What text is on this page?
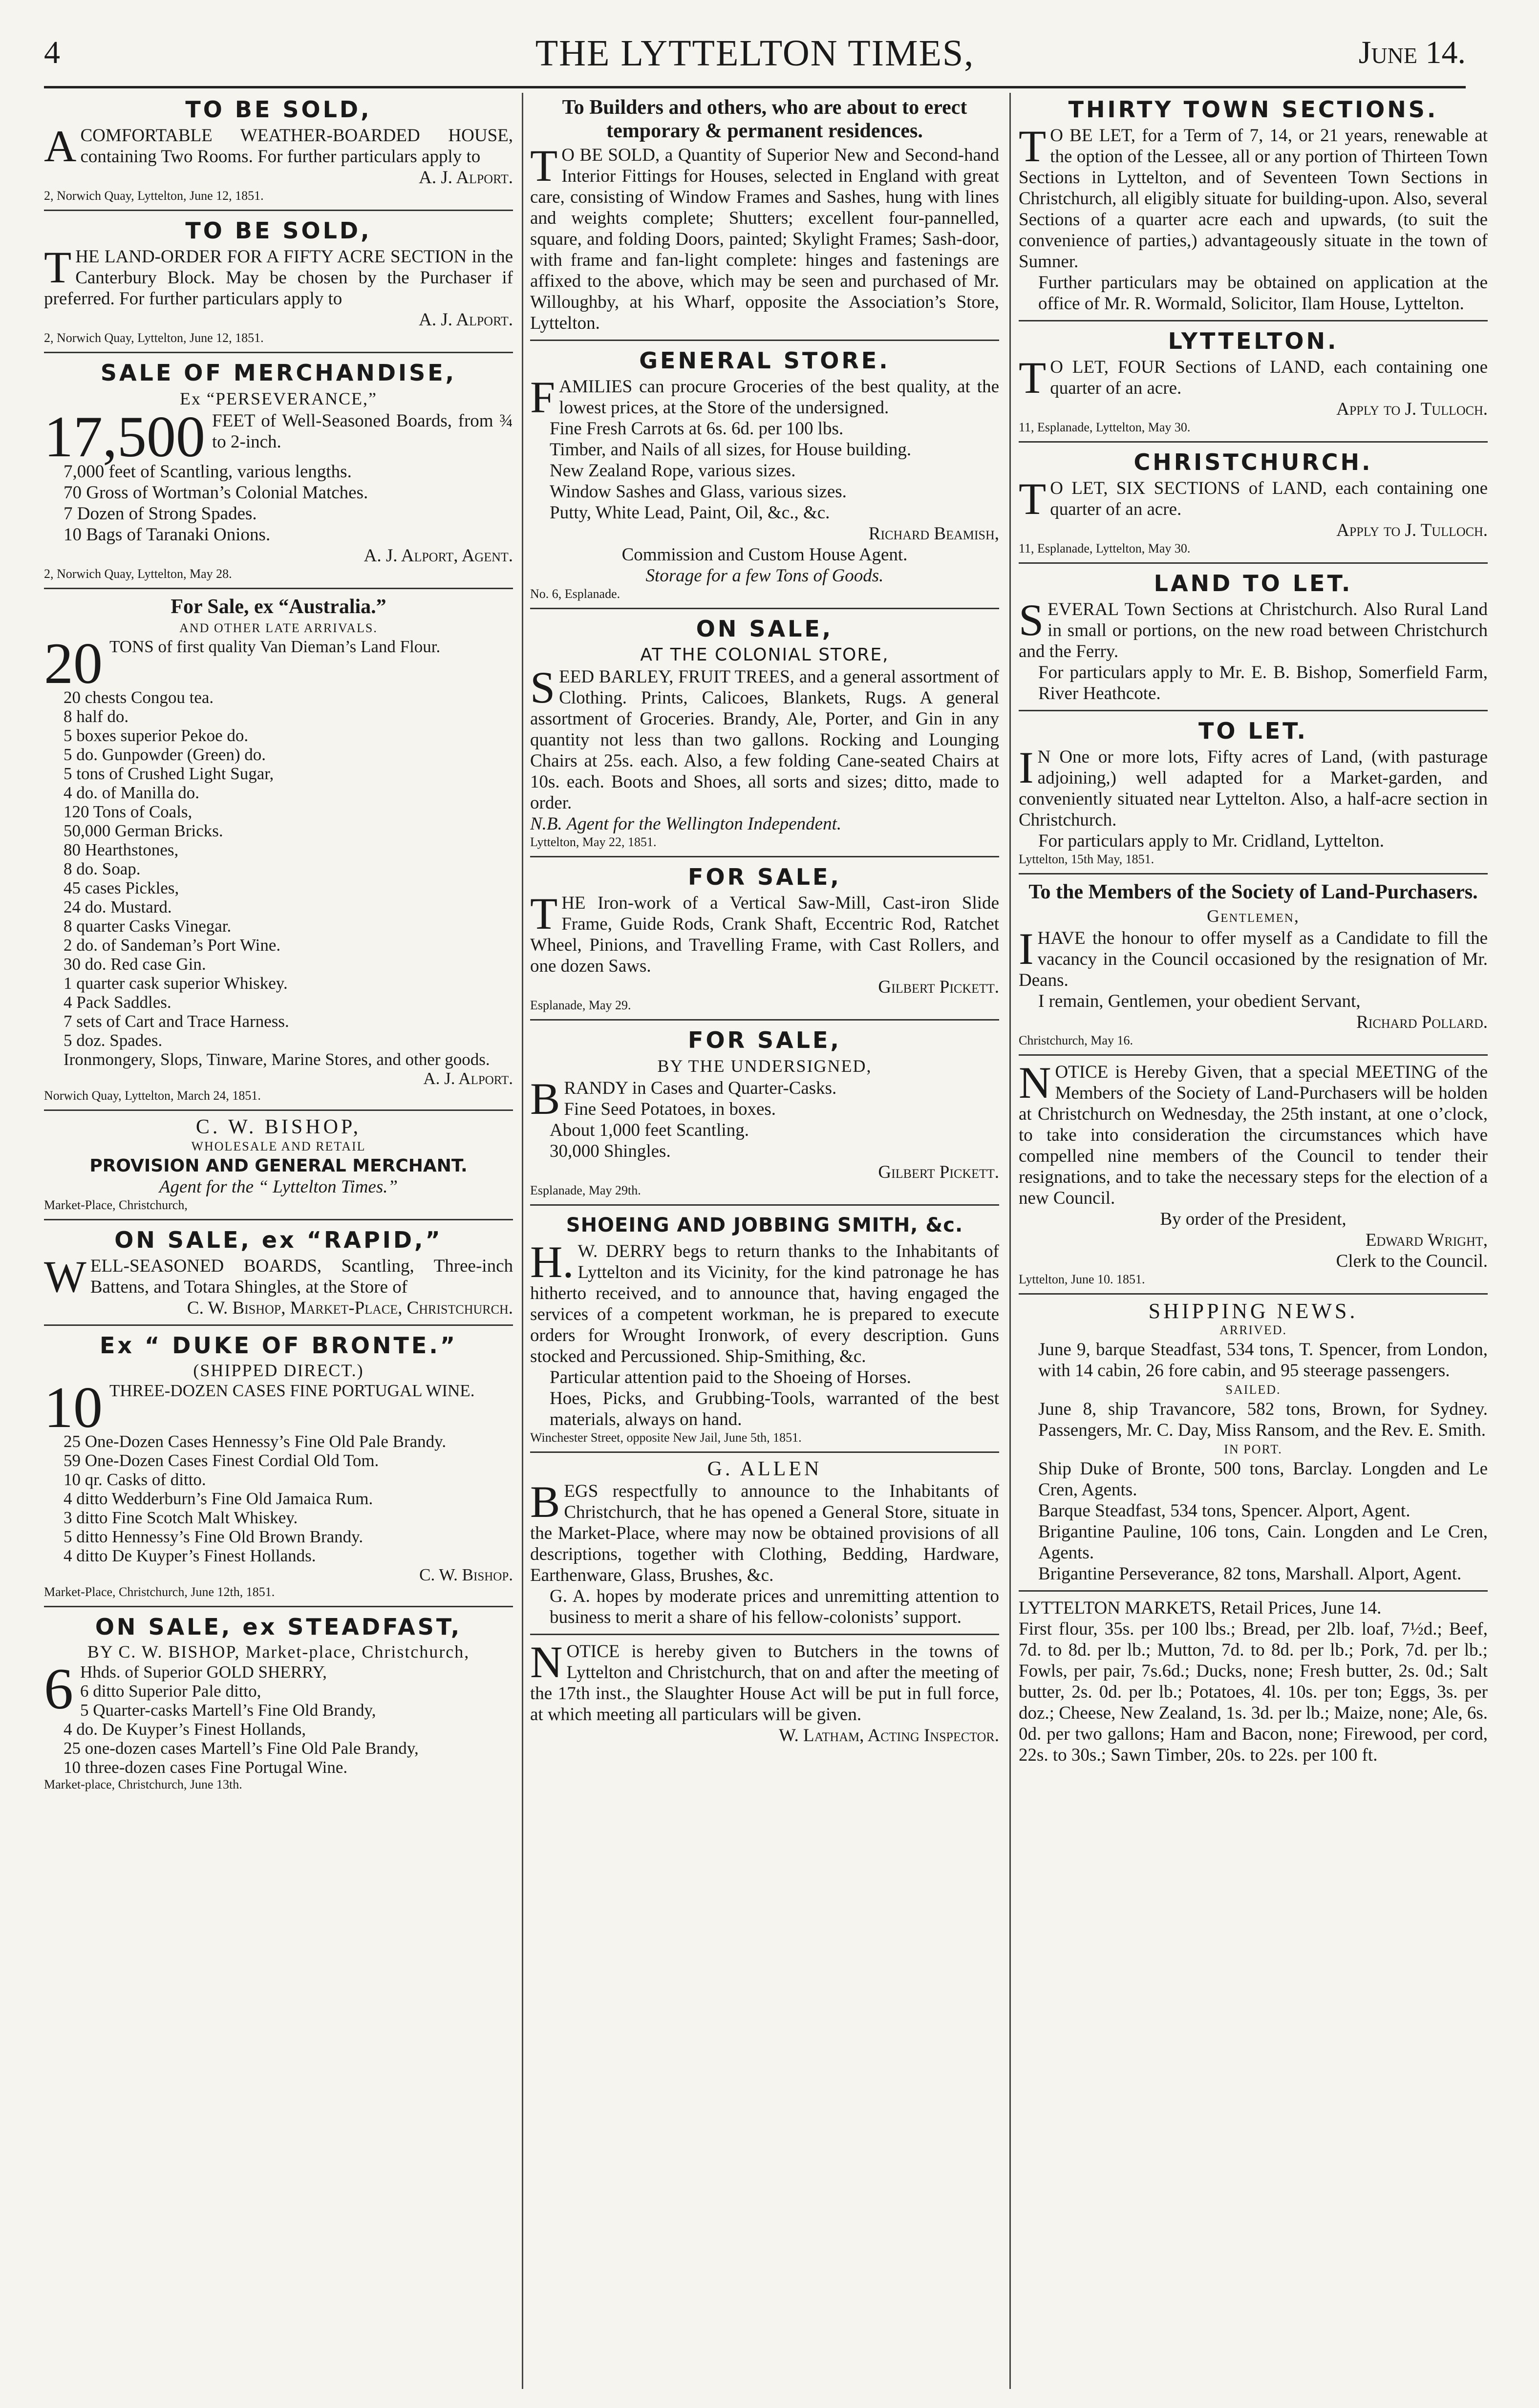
4	THE LYTTELTON TIMES,	June 14.
TO BE SOLD,

ACOMFORTABLE WEATHER-BOARDED HOUSE, containing Two Rooms. For further particulars apply to

A. J. Alport.
2, Norwich Quay, Lyttelton, June 12, 1851.
TO BE SOLD,

THE LAND-ORDER FOR A FIFTY ACRE SECTION in the Canterbury Block. May be chosen by the Purchaser if preferred. For further particulars apply to

A. J. Alport.
2, Norwich Quay, Lyttelton, June 12, 1851.
SALE OF MERCHANDISE,
Ex “PERSEVERANCE,”

17,500 FEET of Well-Seasoned Boards, from ¾ to 2-inch.

7,000 feet of Scantling, various lengths.
70 Gross of Wortman’s Colonial Matches.
7 Dozen of Strong Spades.
10 Bags of Taranaki Onions.
A. J. Alport, Agent.
2, Norwich Quay, Lyttelton, May 28.
For Sale, ex “Australia.”
AND OTHER LATE ARRIVALS.

20 TONS of first quality Van Dieman’s Land Flour.

20 chests Congou tea.
8 half do.
5 boxes superior Pekoe do.
5 do. Gunpowder (Green) do.
5 tons of Crushed Light Sugar,
4 do. of Manilla do.
120 Tons of Coals,
50,000 German Bricks.
80 Hearthstones,
8 do. Soap.
45 cases Pickles,
24 do. Mustard.
8 quarter Casks Vinegar.
2 do. of Sandeman’s Port Wine.
30 do. Red case Gin.
1 quarter cask superior Whiskey.
4 Pack Saddles.
7 sets of Cart and Trace Harness.
5 doz. Spades.
Ironmongery, Slops, Tinware, Marine Stores, and other goods.
A. J. Alport.
Norwich Quay, Lyttelton, March 24, 1851.
C. W. BISHOP,
WHOLESALE AND RETAIL
PROVISION AND GENERAL MERCHANT.
Agent for the “ Lyttelton Times.”
Market-Place, Christchurch,
ON SALE, ex “RAPID,”

WELL-SEASONED BOARDS, Scantling, Three-inch Battens, and Totara Shingles, at the Store of

C. W. Bishop, Market-Place, Christchurch.
Ex “ DUKE OF BRONTE.”
(SHIPPED DIRECT.)

10 THREE-DOZEN CASES FINE PORTUGAL WINE.

25 One-Dozen Cases Hennessy’s Fine Old Pale Brandy.
59 One-Dozen Cases Finest Cordial Old Tom.
10 qr. Casks of ditto.
4 ditto Wedderburn’s Fine Old Jamaica Rum.
3 ditto Fine Scotch Malt Whiskey.
5 ditto Hennessy’s Fine Old Brown Brandy.
4 ditto De Kuyper’s Finest Hollands.
C. W. Bishop.
Market-Place, Christchurch, June 12th, 1851.
ON SALE, ex STEADFAST,
BY C. W. BISHOP, Market-place, Christchurch,

6 Hhds. of Superior GOLD SHERRY,

6 ditto Superior Pale ditto,
5 Quarter-casks Martell’s Fine Old Brandy,
4 do. De Kuyper’s Finest Hollands,
25 one-dozen cases Martell’s Fine Old Pale Brandy,
10 three-dozen cases Fine Portugal Wine.
Market-place, Christchurch, June 13th.
To Builders and others, who are about to erect temporary & permanent residences.

T O BE SOLD, a Quantity of Superior New and Second-hand Interior Fittings for Houses, selected in England with great care, consisting of Window Frames and Sashes, hung with lines and weights complete; Shutters; excellent four-pannelled, square, and folding Doors, painted; Skylight Frames; Sash-door, with frame and fan-light complete: hinges and fastenings are affixed to the above, which may be seen and purchased of Mr. Willoughby, at his Wharf, opposite the Association’s Store, Lyttelton.

GENERAL STORE.

FAMILIES can procure Groceries of the best quality, at the lowest prices, at the Store of the undersigned.

Fine Fresh Carrots at 6s. 6d. per 100 lbs.
Timber, and Nails of all sizes, for House building.
New Zealand Rope, various sizes.
Window Sashes and Glass, various sizes.
Putty, White Lead, Paint, Oil, &c., &c.
Richard Beamish,
Commission and Custom House Agent.
Storage for a few Tons of Goods.
No. 6, Esplanade.
ON SALE,
AT THE COLONIAL STORE,

SEED BARLEY, FRUIT TREES, and a general assortment of Clothing. Prints, Calicoes, Blankets, Rugs. A general assortment of Groceries. Brandy, Ale, Porter, and Gin in any quantity not less than two gallons. Rocking and Lounging Chairs at 25s. each. Also, a few folding Cane-seated Chairs at 10s. each. Boots and Shoes, all sorts and sizes; ditto, made to order.

N.B. Agent for the Wellington Independent.
Lyttelton, May 22, 1851.
FOR SALE,

THE Iron-work of a Vertical Saw-Mill, Cast-iron Slide Frame, Guide Rods, Crank Shaft, Eccentric Rod, Ratchet Wheel, Pinions, and Travelling Frame, with Cast Rollers, and one dozen Saws.

Gilbert Pickett.
Esplanade, May 29.
FOR SALE,
BY THE UNDERSIGNED,

BRANDY in Cases and Quarter-Casks.

Fine Seed Potatoes, in boxes.
About 1,000 feet Scantling.
30,000 Shingles.
Gilbert Pickett.
Esplanade, May 29th.
SHOEING AND JOBBING SMITH, &c.

H. W. DERRY begs to return thanks to the Inhabitants of Lyttelton and its Vicinity, for the kind patronage he has hitherto received, and to announce that, having engaged the services of a competent workman, he is prepared to execute orders for Wrought Ironwork, of every description. Guns stocked and Percussioned. Ship-Smithing, &c.

Particular attention paid to the Shoeing of Horses.

Hoes, Picks, and Grubbing-Tools, warranted of the best materials, always on hand.

Winchester Street, opposite New Jail, June 5th, 1851.
G. ALLEN

BEGS respectfully to announce to the Inhabitants of Christchurch, that he has opened a General Store, situate in the Market-Place, where may now be obtained provisions of all descriptions, together with Clothing, Bedding, Hardware, Earthenware, Glass, Brushes, &c.

G. A. hopes by moderate prices and unremitting attention to business to merit a share of his fellow-colonists’ support.

NOTICE is hereby given to Butchers in the towns of Lyttelton and Christchurch, that on and after the meeting of the 17th inst., the Slaughter House Act will be put in full force, at which meeting all particulars will be given.

W. Latham, Acting Inspector.
THIRTY TOWN SECTIONS.

T O BE LET, for a Term of 7, 14, or 21 years, renewable at the option of the Lessee, all or any portion of Thirteen Town Sections in Lyttelton, and of Seventeen Town Sections in Christchurch, all eligibly situate for building-upon. Also, several Sections of a quarter acre each and upwards, (to suit the convenience of parties,) advantageously situate in the town of Sumner.

Further particulars may be obtained on application at the office of Mr. R. Wormald, Solicitor, Ilam House, Lyttelton.

LYTTELTON.

T O LET, FOUR Sections of LAND, each containing one quarter of an acre.

Apply to J. Tulloch.
11, Esplanade, Lyttelton, May 30.
CHRISTCHURCH.

T O LET, SIX SECTIONS of LAND, each containing one quarter of an acre.

Apply to J. Tulloch.
11, Esplanade, Lyttelton, May 30.
LAND TO LET.

SEVERAL Town Sections at Christchurch. Also Rural Land in small or portions, on the new road between Christchurch and the Ferry.

For particulars apply to Mr. E. B. Bishop, Somerfield Farm, River Heathcote.

TO LET.

I N One or more lots, Fifty acres of Land, (with pasturage adjoining,) well adapted for a Market-garden, and conveniently situated near Lyttelton. Also, a half-acre section in Christchurch.

For particulars apply to Mr. Cridland, Lyttelton.

Lyttelton, 15th May, 1851.
To the Members of the Society of Land-Purchasers.
Gentlemen,

IHAVE the honour to offer myself as a Candidate to fill the vacancy in the Council occasioned by the resignation of Mr. Deans.

I remain, Gentlemen, your obedient Servant,

Richard Pollard.
Christchurch, May 16.

NOTICE is Hereby Given, that a special MEETING of the Members of the Society of Land-Purchasers will be holden at Christchurch on Wednesday, the 25th instant, at one o’clock, to take into consideration the circumstances which have compelled nine members of the Council to tender their resignations, and to take the necessary steps for the election of a new Council.

By order of the President,
Edward Wright,
Clerk to the Council.
Lyttelton, June 10. 1851.
SHIPPING NEWS.
ARRIVED.

June 9, barque Steadfast, 534 tons, T. Spencer, from London, with 14 cabin, 26 fore cabin, and 95 steerage passengers.

SAILED.

June 8, ship Travancore, 582 tons, Brown, for Sydney. Passengers, Mr. C. Day, Miss Ransom, and the Rev. E. Smith.

IN PORT.

Ship Duke of Bronte, 500 tons, Barclay. Longden and Le Cren, Agents.

Barque Steadfast, 534 tons, Spencer. Alport, Agent.

Brigantine Pauline, 106 tons, Cain. Longden and Le Cren, Agents.

Brigantine Perseverance, 82 tons, Marshall. Alport, Agent.

LYTTELTON MARKETS, Retail Prices, June 14.

First flour, 35s. per 100 lbs.; Bread, per 2lb. loaf, 7½d.; Beef, 7d. to 8d. per lb.; Mutton, 7d. to 8d. per lb.; Pork, 7d. per lb.; Fowls, per pair, 7s.6d.; Ducks, none; Fresh butter, 2s. 0d.; Salt butter, 2s. 0d. per lb.; Potatoes, 4l. 10s. per ton; Eggs, 3s. per doz.; Cheese, New Zealand, 1s. 3d. per lb.; Maize, none; Ale, 6s. 0d. per two gallons; Ham and Bacon, none; Firewood, per cord, 22s. to 30s.; Sawn Timber, 20s. to 22s. per 100 ft.
